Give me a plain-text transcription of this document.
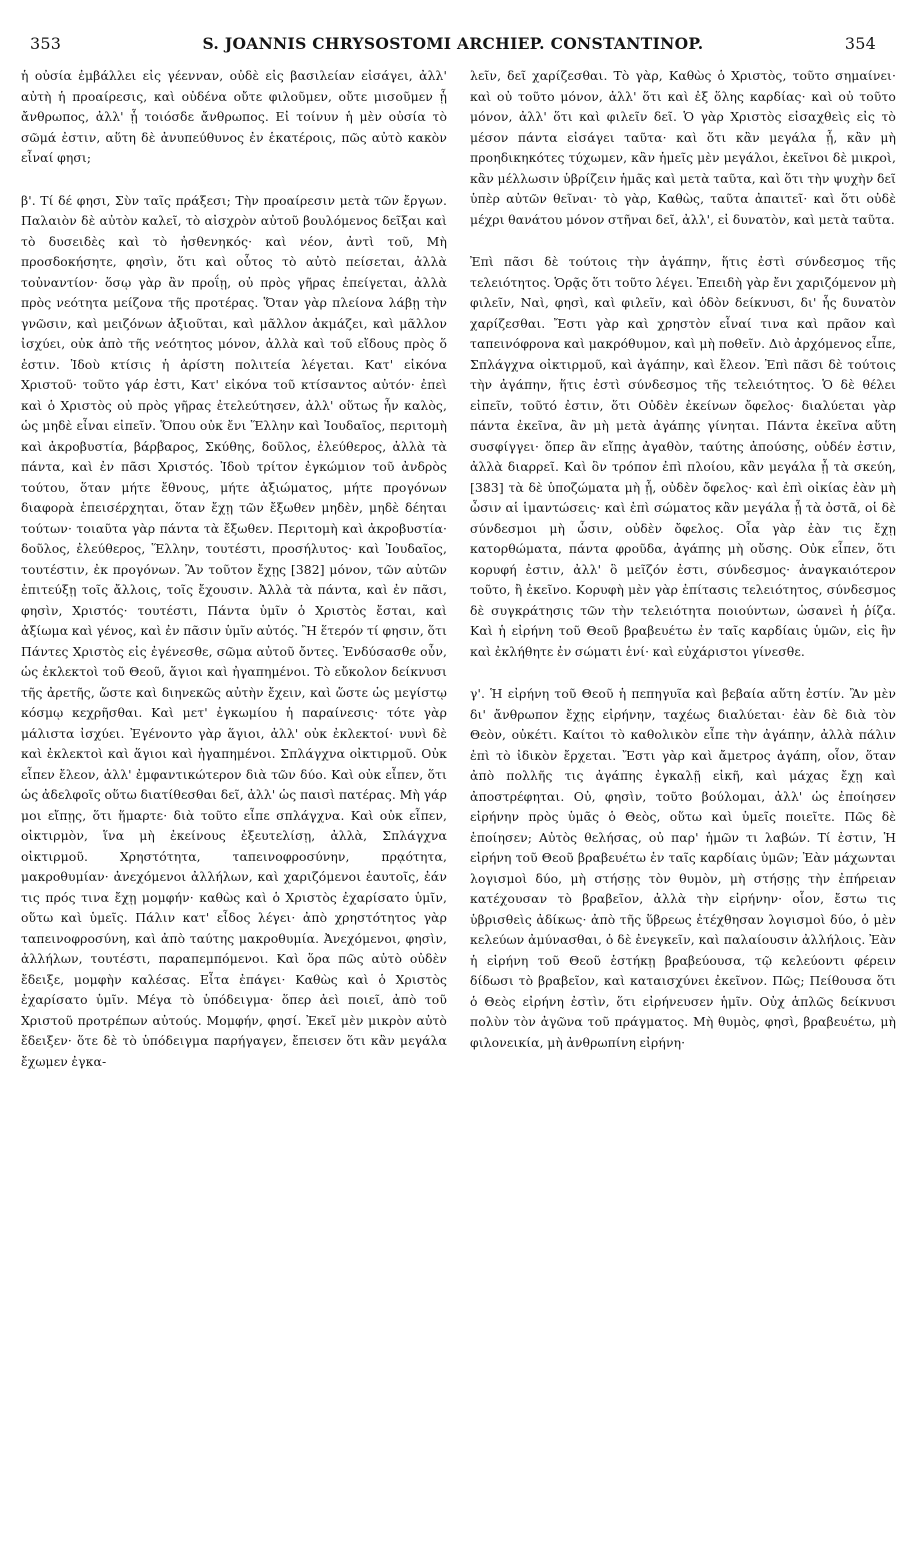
353	S. JOANNIS CHRYSOSTOMI ARCHIEP. CONSTANTINOP.	354

ἡ οὐσία ἐμβάλλει εἰς γέενναν, οὐδὲ εἰς βασιλείαν εἰσάγει, ἀλλ' αὐτὴ ἡ προαίρεσις, καὶ οὐδένα οὔτε φιλοῦμεν, οὔτε μισοῦμεν ᾗ ἄνθρωπος, ἀλλ' ᾗ τοιόσδε ἄνθρωπος. Εἰ τοίνυν ἡ μὲν οὐσία τὸ σῶμά ἐστιν, αὕτη δὲ ἀνυπεύθυνος ἐν ἑκατέροις, πῶς αὐτὸ κακὸν εἶναί φησι;

β'. Τί δέ φησι, Σὺν ταῖς πράξεσι; Τὴν προαίρεσιν μετὰ τῶν ἔργων. Παλαιὸν δὲ αὐτὸν καλεῖ, τὸ αἰσχρὸν αὐτοῦ βουλόμενος δεῖξαι καὶ τὸ δυσειδὲς καὶ τὸ ἠσθενηκός· καὶ νέον, ἀντὶ τοῦ, Μὴ προσδοκήσητε, φησὶν, ὅτι καὶ οὗτος τὸ αὐτὸ πείσεται, ἀλλὰ τοὐναντίον· ὅσῳ γὰρ ἂν προΐῃ, οὐ πρὸς γῆρας ἐπείγεται, ἀλλὰ πρὸς νεότητα μείζονα τῆς προτέρας. Ὅταν γὰρ πλείονα λάβῃ τὴν γνῶσιν, καὶ μειζόνων ἀξιοῦται, καὶ μᾶλλον ἀκμάζει, καὶ μᾶλλον ἰσχύει, οὐκ ἀπὸ τῆς νεότητος μόνον, ἀλλὰ καὶ τοῦ εἴδους πρὸς ὅ ἐστιν. Ἰδοὺ κτίσις ἡ ἀρίστη πολιτεία λέγεται. Κατ' εἰκόνα Χριστοῦ· τοῦτο γάρ ἐστι, Κατ' εἰκόνα τοῦ κτίσαντος αὐτόν· ἐπεὶ καὶ ὁ Χριστὸς οὐ πρὸς γῆρας ἐτελεύτησεν, ἀλλ' οὕτως ἦν καλὸς, ὡς μηδὲ εἶναι εἰπεῖν. Ὅπου οὐκ ἔνι Ἕλλην καὶ Ἰουδαῖος, περιτομὴ καὶ ἀκροβυστία, βάρβαρος, Σκύθης, δοῦλος, ἐλεύθερος, ἀλλὰ τὰ πάντα, καὶ ἐν πᾶσι Χριστός. Ἰδοὺ τρίτον ἐγκώμιον τοῦ ἀνδρὸς τούτου, ὅταν μήτε ἔθνους, μήτε ἀξιώματος, μήτε προγόνων διαφορὰ ἐπεισέρχηται, ὅταν ἔχῃ τῶν ἔξωθεν μηδὲν, μηδὲ δέηται τούτων· τοιαῦτα γὰρ πάντα τὰ ἔξωθεν. Περιτομὴ καὶ ἀκροβυστία· δοῦλος, ἐλεύθερος, Ἕλλην, τουτέστι, προσήλυτος· καὶ Ἰουδαῖος, τουτέστιν, ἐκ προγόνων. Ἂν τοῦτον ἔχῃς [382] μόνον, τῶν αὐτῶν ἐπιτεύξῃ τοῖς ἄλλοις, τοῖς ἔχουσιν. Ἀλλὰ τὰ πάντα, καὶ ἐν πᾶσι, φησὶν, Χριστός· τουτέστι, Πάντα ὑμῖν ὁ Χριστὸς ἔσται, καὶ ἀξίωμα καὶ γένος, καὶ ἐν πᾶσιν ὑμῖν αὐτός. Ἢ ἕτερόν τί φησιν, ὅτι Πάντες Χριστὸς εἰς ἐγένεσθε, σῶμα αὐτοῦ ὄντες. Ἐνδύσασθε οὖν, ὡς ἐκλεκτοὶ τοῦ Θεοῦ, ἅγιοι καὶ ἠγαπημένοι. Τὸ εὔκολον δείκνυσι τῆς ἀρετῆς, ὥστε καὶ διηνεκῶς αὐτὴν ἔχειν, καὶ ὥστε ὡς μεγίστῳ κόσμῳ κεχρῆσθαι. Καὶ μετ' ἐγκωμίου ἡ παραίνεσις· τότε γὰρ μάλιστα ἰσχύει. Ἐγένοντο γὰρ ἅγιοι, ἀλλ' οὐκ ἐκλεκτοί· νυνὶ δὲ καὶ ἐκλεκτοὶ καὶ ἅγιοι καὶ ἠγαπημένοι. Σπλάγχνα οἰκτιρμοῦ. Οὐκ εἶπεν ἔλεον, ἀλλ' ἐμφαντικώτερον διὰ τῶν δύο. Καὶ οὐκ εἶπεν, ὅτι ὡς ἀδελφοῖς οὕτω διατίθεσθαι δεῖ, ἀλλ' ὡς παισὶ πατέρας. Μὴ γάρ μοι εἴπῃς, ὅτι ἥμαρτε· διὰ τοῦτο εἶπε σπλάγχνα. Καὶ οὐκ εἶπεν, οἰκτιρμὸν, ἵνα μὴ ἐκείνους ἐξευτελίσῃ, ἀλλὰ, Σπλάγχνα οἰκτιρμοῦ. Χρηστότητα, ταπεινοφροσύνην, πρᾳότητα, μακροθυμίαν· ἀνεχόμενοι ἀλλήλων, καὶ χαριζόμενοι ἑαυτοῖς, ἐάν τις πρός τινα ἔχῃ μομφήν· καθὼς καὶ ὁ Χριστὸς ἐχαρίσατο ὑμῖν, οὕτω καὶ ὑμεῖς. Πάλιν κατ' εἶδος λέγει· ἀπὸ χρηστότητος γὰρ ταπεινοφροσύνη, καὶ ἀπὸ ταύτης μακροθυμία. Ἀνεχόμενοι, φησὶν, ἀλλήλων, τουτέστι, παραπεμπόμενοι. Καὶ ὅρα πῶς αὐτὸ οὐδὲν ἔδειξε, μομφὴν καλέσας. Εἶτα ἐπάγει· Καθὼς καὶ ὁ Χριστὸς ἐχαρίσατο ὑμῖν. Μέγα τὸ ὑπόδειγμα· ὅπερ ἀεὶ ποιεῖ, ἀπὸ τοῦ Χριστοῦ προτρέπων αὐτούς. Μομφήν, φησί. Ἐκεῖ μὲν μικρὸν αὐτὸ ἔδειξεν· ὅτε δὲ τὸ ὑπόδειγμα παρήγαγεν, ἔπεισεν ὅτι κἂν μεγάλα ἔχωμεν ἐγκα-

λεῖν, δεῖ χαρίζεσθαι. Τὸ γὰρ, Καθὼς ὁ Χριστὸς, τοῦτο σημαίνει· καὶ οὐ τοῦτο μόνον, ἀλλ' ὅτι καὶ ἐξ ὅλης καρδίας· καὶ οὐ τοῦτο μόνον, ἀλλ' ὅτι καὶ φιλεῖν δεῖ. Ὁ γὰρ Χριστὸς εἰσαχθεὶς εἰς τὸ μέσον πάντα εἰσάγει ταῦτα· καὶ ὅτι κἂν μεγάλα ᾖ, κἂν μὴ προηδικηκότες τύχωμεν, κἂν ἡμεῖς μὲν μεγάλοι, ἐκεῖνοι δὲ μικροὶ, κἂν μέλλωσιν ὑβρίζειν ἡμᾶς καὶ μετὰ ταῦτα, καὶ ὅτι τὴν ψυχὴν δεῖ ὑπὲρ αὐτῶν θεῖναι· τὸ γὰρ, Καθὼς, ταῦτα ἀπαιτεῖ· καὶ ὅτι οὐδὲ μέχρι θανάτου μόνον στῆναι δεῖ, ἀλλ', εἰ δυνατὸν, καὶ μετὰ ταῦτα.

Ἐπὶ πᾶσι δὲ τούτοις τὴν ἀγάπην, ἥτις ἐστὶ σύνδεσμος τῆς τελειότητος. Ὁρᾷς ὅτι τοῦτο λέγει. Ἐπειδὴ γὰρ ἔνι χαριζόμενον μὴ φιλεῖν, Ναὶ, φησὶ, καὶ φιλεῖν, καὶ ὁδὸν δείκνυσι, δι' ἧς δυνατὸν χαρίζεσθαι. Ἔστι γὰρ καὶ χρηστὸν εἶναί τινα καὶ πρᾶον καὶ ταπεινόφρονα καὶ μακρόθυμον, καὶ μὴ ποθεῖν. Διὸ ἀρχόμενος εἶπε, Σπλάγχνα οἰκτιρμοῦ, καὶ ἀγάπην, καὶ ἔλεον. Ἐπὶ πᾶσι δὲ τούτοις τὴν ἀγάπην, ἥτις ἐστὶ σύνδεσμος τῆς τελειότητος. Ὁ δὲ θέλει εἰπεῖν, τοῦτό ἐστιν, ὅτι Οὐδὲν ἐκείνων ὄφελος· διαλύεται γὰρ πάντα ἐκεῖνα, ἂν μὴ μετὰ ἀγάπης γίνηται. Πάντα ἐκεῖνα αὕτη συσφίγγει· ὅπερ ἂν εἴπῃς ἀγαθὸν, ταύτης ἀπούσης, οὐδέν ἐστιν, ἀλλὰ διαρρεῖ. Καὶ ὃν τρόπον ἐπὶ πλοίου, κἂν μεγάλα ᾖ τὰ σκεύη, [383] τὰ δὲ ὑποζώματα μὴ ᾖ, οὐδὲν ὄφελος· καὶ ἐπὶ οἰκίας ἐὰν μὴ ὦσιν αἱ ἱμαντώσεις· καὶ ἐπὶ σώματος κἂν μεγάλα ᾖ τὰ ὀστᾶ, οἱ δὲ σύνδεσμοι μὴ ὦσιν, οὐδὲν ὄφελος. Οἷα γὰρ ἐὰν τις ἔχῃ κατορθώματα, πάντα φροῦδα, ἀγάπης μὴ οὔσης. Οὐκ εἶπεν, ὅτι κορυφή ἐστιν, ἀλλ' ὃ μεῖζόν ἐστι, σύνδεσμος· ἀναγκαιότερον τοῦτο, ἢ ἐκεῖνο. Κορυφὴ μὲν γὰρ ἐπίτασις τελειότητος, σύνδεσμος δὲ συγκράτησις τῶν τὴν τελειότητα ποιούντων, ὡσανεὶ ἡ ῥίζα. Καὶ ἡ εἰρήνη τοῦ Θεοῦ βραβευέτω ἐν ταῖς καρδίαις ὑμῶν, εἰς ἣν καὶ ἐκλήθητε ἐν σώματι ἑνί· καὶ εὐχάριστοι γίνεσθε.

γ'. Ἡ εἰρήνη τοῦ Θεοῦ ἡ πεπηγυῖα καὶ βεβαία αὕτη ἐστίν. Ἂν μὲν δι' ἄνθρωπον ἔχῃς εἰρήνην, ταχέως διαλύεται· ἐὰν δὲ διὰ τὸν Θεὸν, οὐκέτι. Καίτοι τὸ καθολικὸν εἶπε τὴν ἀγάπην, ἀλλὰ πάλιν ἐπὶ τὸ ἰδικὸν ἔρχεται. Ἔστι γὰρ καὶ ἄμετρος ἀγάπη, οἷον, ὅταν ἀπὸ πολλῆς τις ἀγάπης ἐγκαλῇ εἰκῆ, καὶ μάχας ἔχῃ καὶ ἀποστρέφηται. Οὐ, φησὶν, τοῦτο βούλομαι, ἀλλ' ὡς ἐποίησεν εἰρήνην πρὸς ὑμᾶς ὁ Θεὸς, οὕτω καὶ ὑμεῖς ποιεῖτε. Πῶς δὲ ἐποίησεν; Αὐτὸς θελήσας, οὐ παρ' ἡμῶν τι λαβών. Τί ἐστιν, Ἡ εἰρήνη τοῦ Θεοῦ βραβευέτω ἐν ταῖς καρδίαις ὑμῶν; Ἐὰν μάχωνται λογισμοὶ δύο, μὴ στήσῃς τὸν θυμὸν, μὴ στήσῃς τὴν ἐπήρειαν κατέχουσαν τὸ βραβεῖον, ἀλλὰ τὴν εἰρήνην· οἷον, ἔστω τις ὑβρισθεὶς ἀδίκως· ἀπὸ τῆς ὕβρεως ἐτέχθησαν λογισμοὶ δύο, ὁ μὲν κελεύων ἀμύνασθαι, ὁ δὲ ἐνεγκεῖν, καὶ παλαίουσιν ἀλλήλοις. Ἐὰν ἡ εἰρήνη τοῦ Θεοῦ ἑστήκῃ βραβεύουσα, τῷ κελεύοντι φέρειν δίδωσι τὸ βραβεῖον, καὶ καταισχύνει ἐκεῖνον. Πῶς; Πείθουσα ὅτι ὁ Θεὸς εἰρήνη ἐστὶν, ὅτι εἰρήνευσεν ἡμῖν. Οὐχ ἁπλῶς δείκνυσι πολὺν τὸν ἀγῶνα τοῦ πράγματος. Μὴ θυμὸς, φησὶ, βραβευέτω, μὴ φιλονεικία, μὴ ἀνθρωπίνη εἰρήνη·
